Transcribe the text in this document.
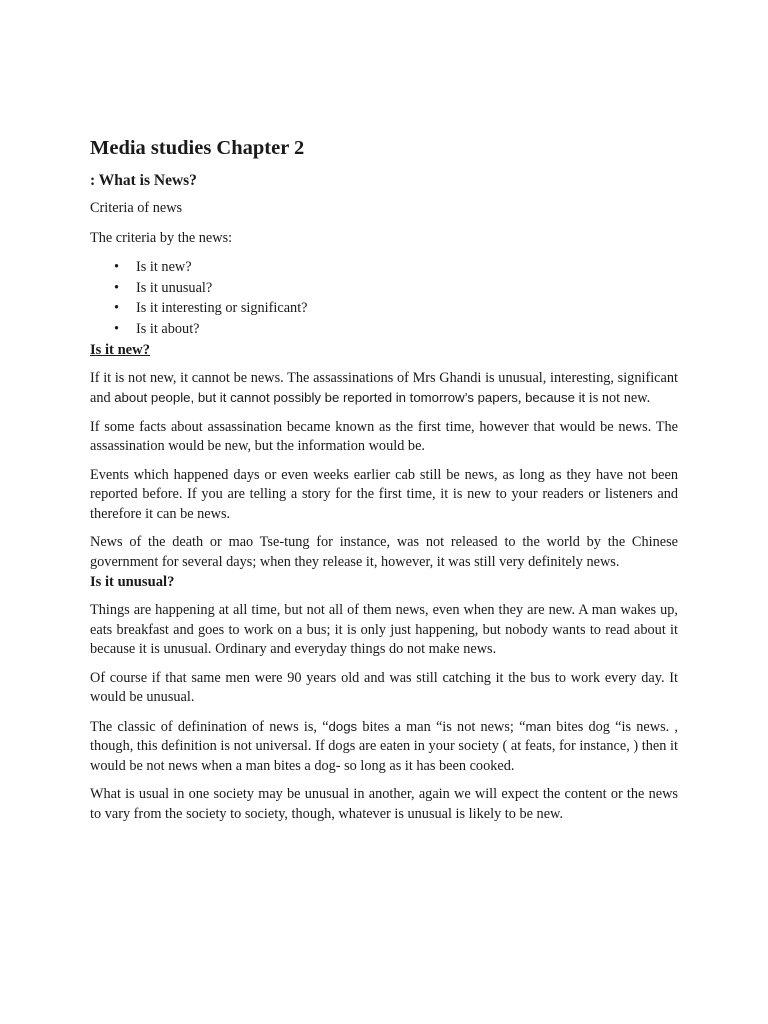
Media studies Chapter 2
: What is News?

Criteria of news

The criteria by the news:

• Is it new?
• Is it unusual?
• Is it interesting or significant?
• Is it about?
Is it new?

If it is not new, it cannot be news. The assassinations of Mrs Ghandi is unusual, interesting, significant and about people, but it cannot possibly be reported in tomorrow’s papers, because it is not new.

If some facts about assassination became known as the first time, however that would be news. The assassination would be new, but the information would be.

Events which happened days or even weeks earlier cab still be news, as long as they have not been reported before. If you are telling a story for the first time, it is new to your readers or listeners and therefore it can be news.

News of the death or mao Tse-tung for instance, was not released to the world by the Chinese government for several days; when they release it, however, it was still very definitely news.

Is it unusual?

Things are happening at all time, but not all of them news, even when they are new. A man wakes up, eats breakfast and goes to work on a bus; it is only just happening, but nobody wants to read about it because it is unusual. Ordinary and everyday things do not make news.

Of course if that same men were 90 years old and was still catching it the bus to work every day. It would be unusual.

The classic of definination of news is, “dogs bites a man “is not news; “man bites dog “is news. , though, this definition is not universal. If dogs are eaten in your society ( at feats, for instance, ) then it would be not news when a man bites a dog- so long as it has been cooked.

What is usual in one society may be unusual in another, again we will expect the content or the news to vary from the society to society, though, whatever is unusual is likely to be new.
